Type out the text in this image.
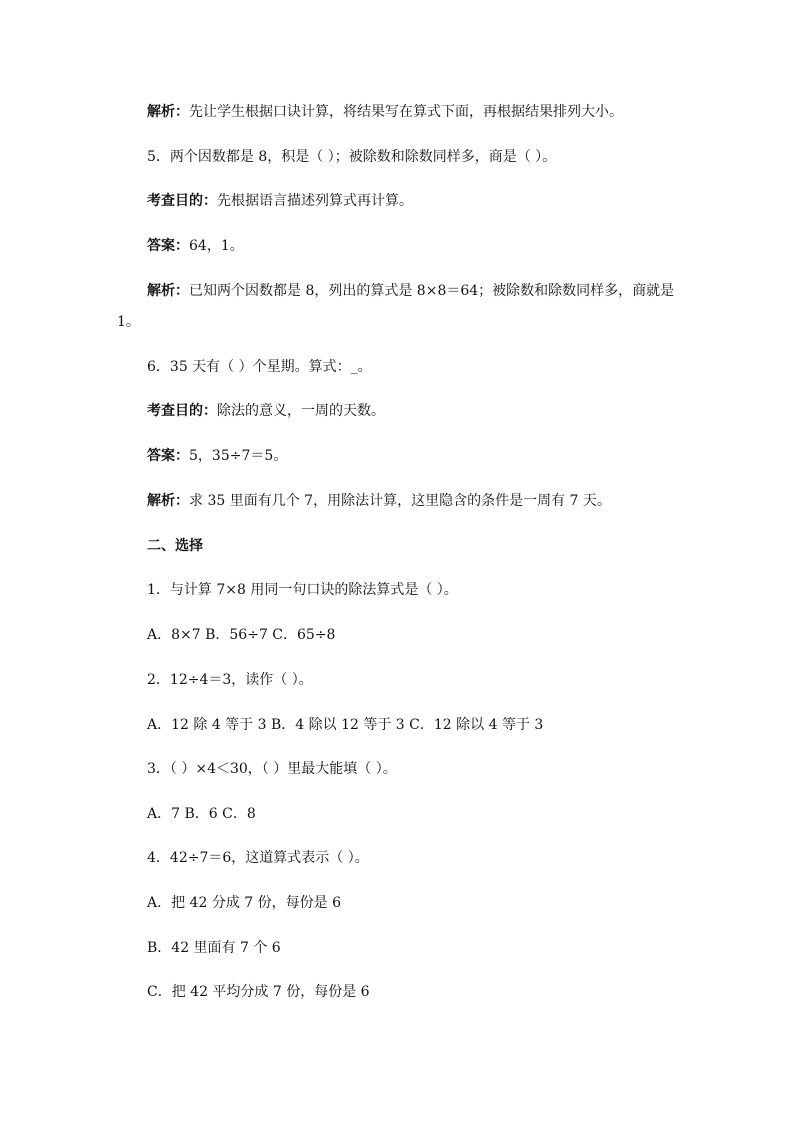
解析：先让学生根据口诀计算，将结果写在算式下面，再根据结果排列大小。
5．两个因数都是 8，积是（ ）；被除数和除数同样多，商是（ ）。
考查目的：先根据语言描述列算式再计算。
答案：64，1。
解析：已知两个因数都是 8，列出的算式是 8×8＝64；被除数和除数同样多，商就是
1。
6．35 天有（ ）个星期。算式：_。
考查目的：除法的意义，一周的天数。
答案：5，35÷7＝5。
解析：求 35 里面有几个 7，用除法计算，这里隐含的条件是一周有 7 天。
二、选择
1．与计算 7×8 用同一句口诀的除法算式是（ ）。
A．8×7 B．56÷7 C．65÷8
2．12÷4＝3，读作（ ）。
A．12 除 4 等于 3 B．4 除以 12 等于 3 C．12 除以 4 等于 3
3．（ ）×4＜30，（ ）里最大能填（ ）。
A．7 B．6 C．8
4．42÷7＝6，这道算式表示（ ）。
A．把 42 分成 7 份，每份是 6
B．42 里面有 7 个 6
C．把 42 平均分成 7 份，每份是 6
